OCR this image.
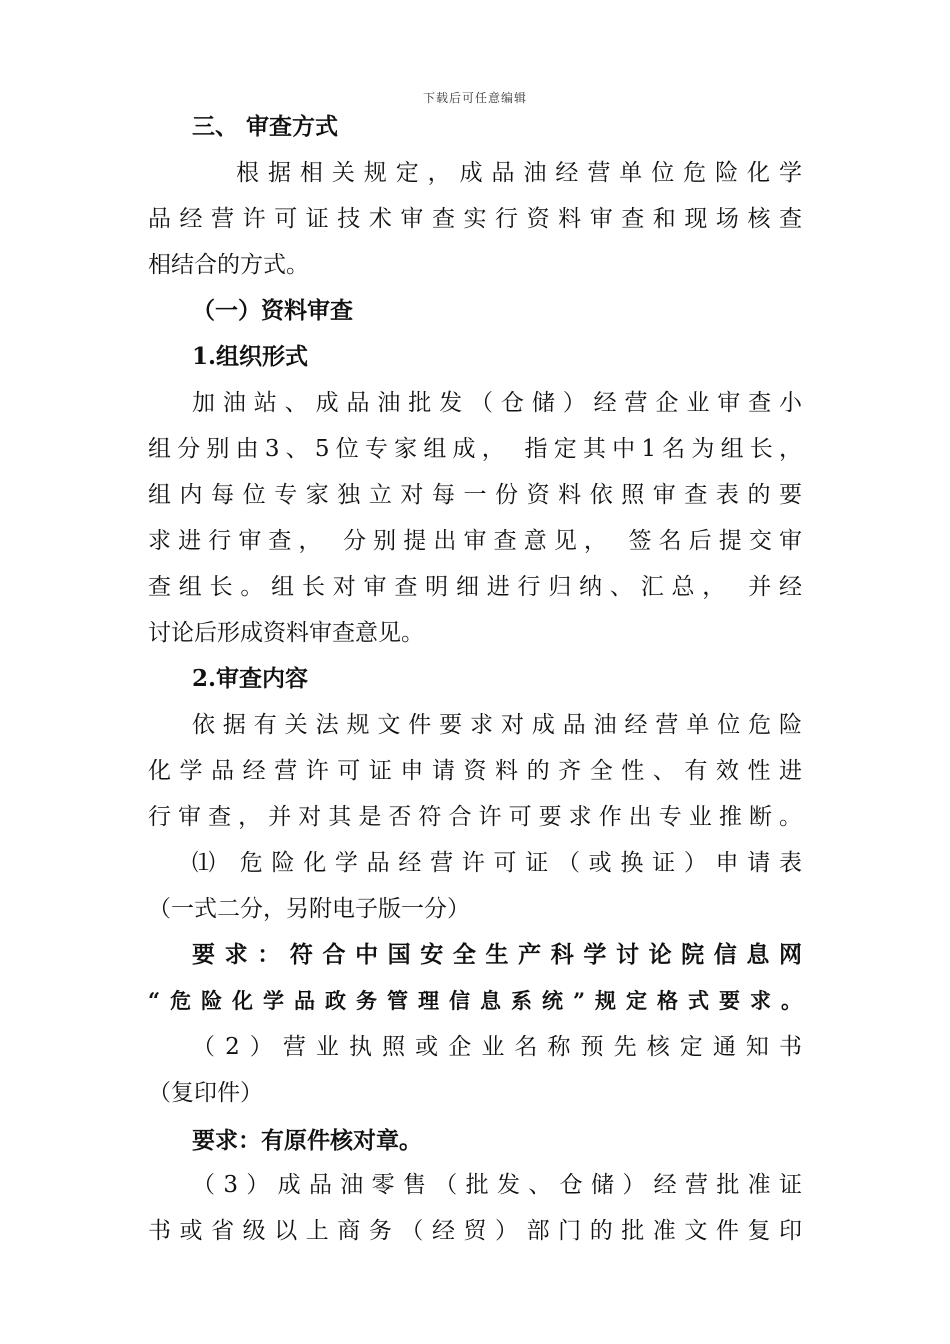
下载后可任意编辑
三、 审查方式
根据相关规定，成品油经营单位危险化学
品经营许可证技术审查实行资料审查和现场核查
相结合的方式。
（一）资料审查
1.组织形式
加油站、成品油批发（仓储）经营企业审查小
组分别由3、5位专家组成， 指定其中1名为组长，
组内每位专家独立对每一份资料依照审查表的要
求进行审查， 分别提出审查意见， 签名后提交审
查组长。组长对审查明细进行归纳、汇总， 并经
讨论后形成资料审查意见。
2.审查内容
依据有关法规文件要求对成品油经营单位危险
化学品经营许可证申请资料的齐全性、有效性进
行审查，并对其是否符合许可要求作出专业推断。
⑴ 危险化学品经营许可证（或换证）申请表
（一式二分，另附电子版一分）
要求：符合中国安全生产科学讨论院信息网
“危险化学品政务管理信息系统”规定格式要求。
（2）营业执照或企业名称预先核定通知书
（复印件）
要求：有原件核对章。
（3）成品油零售（批发、仓储）经营批准证
书或省级以上商务（经贸）部门的批准文件复印
